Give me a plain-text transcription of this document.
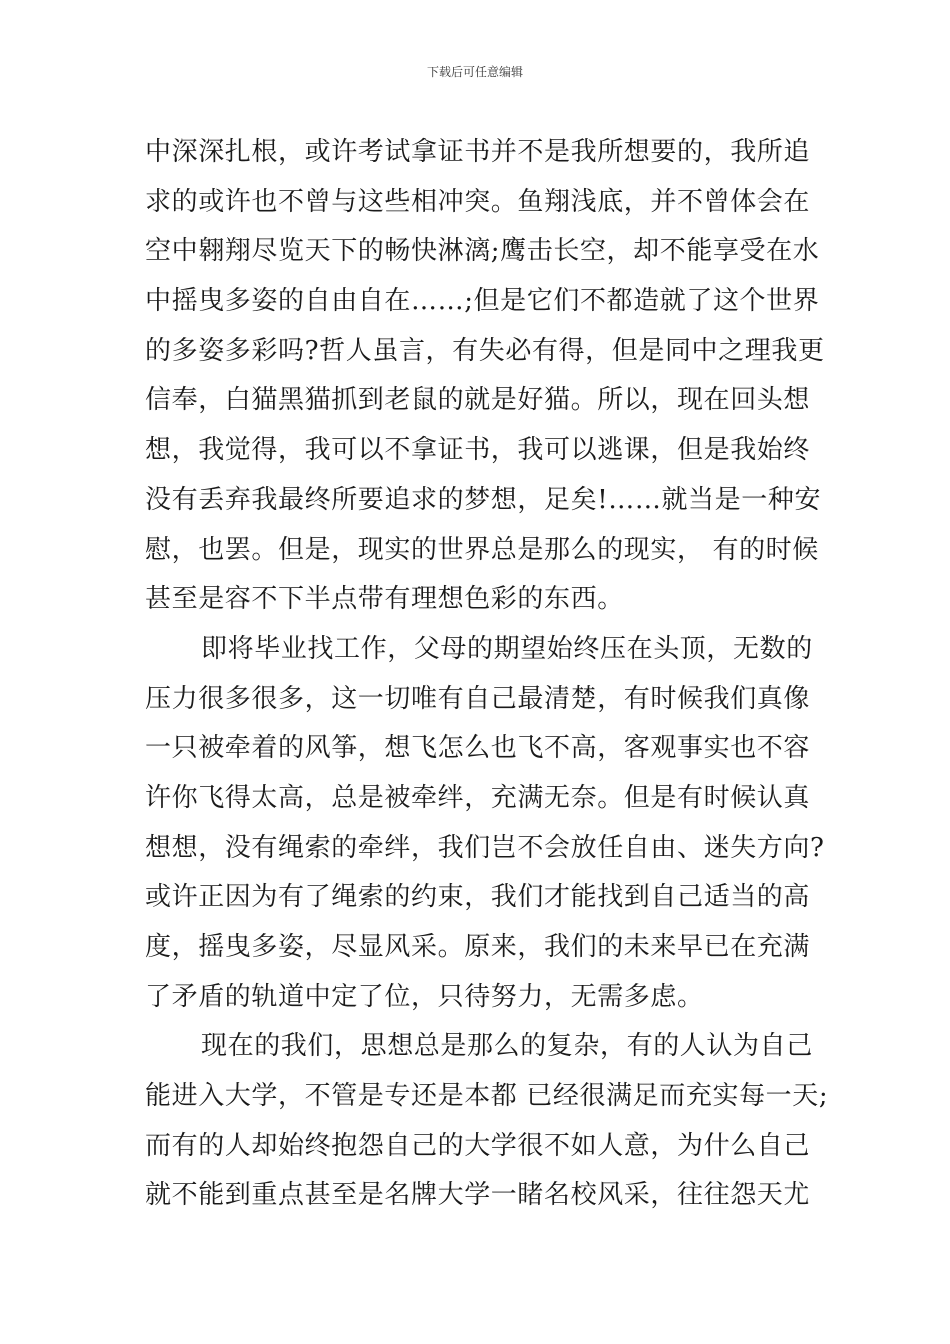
下载后可任意编辑
中深深扎根，或许考试拿证书并不是我所想要的，我所追
求的或许也不曾与这些相冲突。鱼翔浅底，并不曾体会在
空中翱翔尽览天下的畅快淋漓;鹰击长空，却不能享受在水
中摇曳多姿的自由自在……;但是它们不都造就了这个世界
的多姿多彩吗?哲人虽言，有失必有得，但是同中之理我更
信奉，白猫黑猫抓到老鼠的就是好猫。所以，现在回头想
想，我觉得，我可以不拿证书，我可以逃课，但是我始终
没有丢弃我最终所要追求的梦想，足矣!……就当是一种安
慰，也罢。但是，现实的世界总是那么的现实， 有的时候
甚至是容不下半点带有理想色彩的东西。
即将毕业找工作，父母的期望始终压在头顶，无数的
压力很多很多，这一切唯有自己最清楚，有时候我们真像
一只被牵着的风筝，想飞怎么也飞不高，客观事实也不容
许你飞得太高，总是被牵绊，充满无奈。但是有时候认真
想想，没有绳索的牵绊，我们岂不会放任自由、迷失方向?
或许正因为有了绳索的约束，我们才能找到自己适当的高
度，摇曳多姿，尽显风采。原来，我们的未来早已在充满
了矛盾的轨道中定了位，只待努力，无需多虑。
现在的我们，思想总是那么的复杂，有的人认为自己
能进入大学，不管是专还是本都 已经很满足而充实每一天;
而有的人却始终抱怨自己的大学很不如人意，为什么自己
就不能到重点甚至是名牌大学一睹名校风采，往往怨天尤
